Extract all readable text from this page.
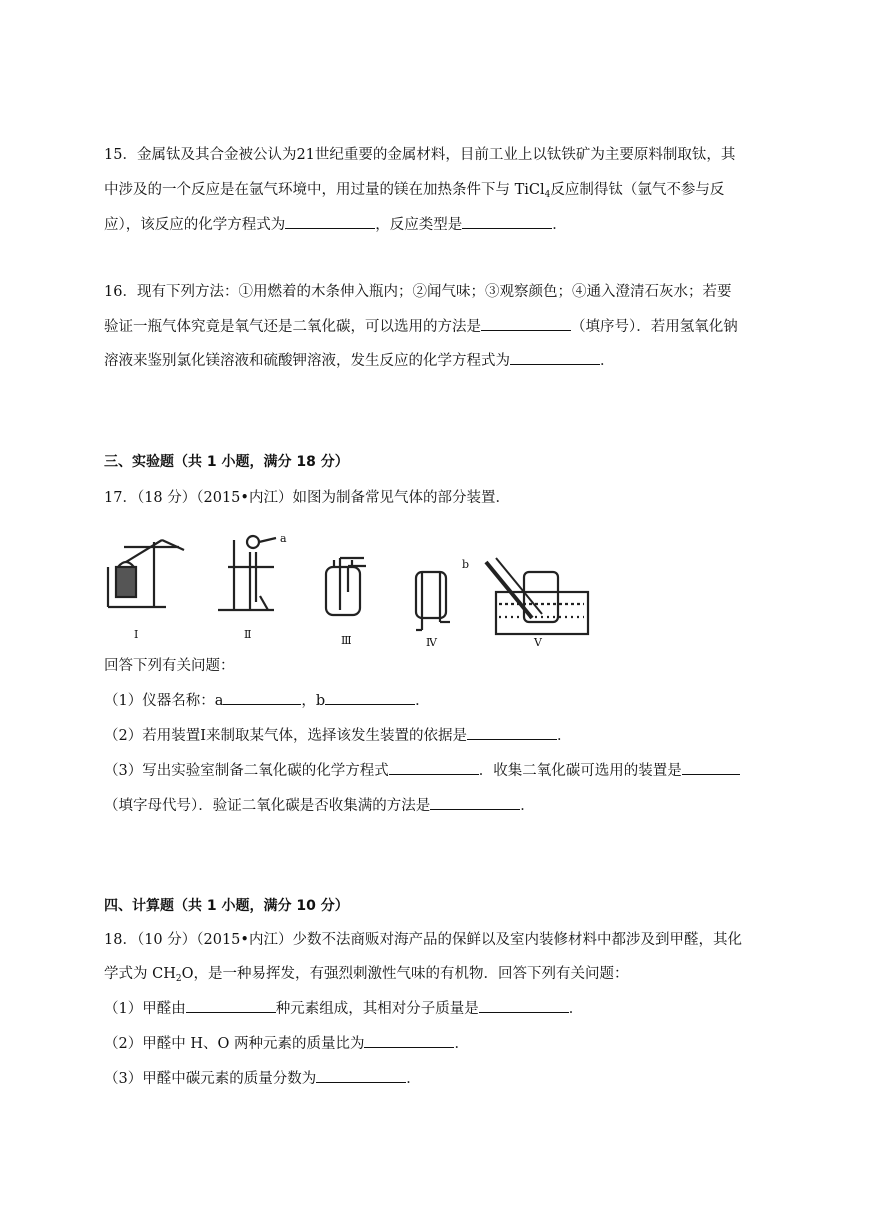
15．金属钛及其合金被公认为21世纪重要的金属材料，目前工业上以钛铁矿为主要原料制取钛，其
中涉及的一个反应是在氩气环境中，用过量的镁在加热条件下与 TiCl$_4$反应制得钛（氩气不参与反
应），该反应的化学方程式为	，反应类型是	．
16．现有下列方法：①用燃着的木条伸入瓶内；②闻气味；③观察颜色；④通入澄清石灰水；若要
验证一瓶气体究竟是氧气还是二氧化碳，可以选用的方法是	（填序号）．若用氢氧化钠
溶液来鉴别氯化镁溶液和硫酸钾溶液，发生反应的化学方程式为	．
三、实验题（共 1 小题，满分 18 分）
17．（18 分）（2015•内江）如图为制备常见气体的部分装置．
Ⅰ	Ⅱ	Ⅲ	Ⅳ	Ⅴ
a
b
回答下列有关问题：
（1）仪器名称：a	，b	．
（2）若用装置Ⅰ来制取某气体，选择该发生装置的依据是	．
（3）写出实验室制备二氧化碳的化学方程式	．收集二氧化碳可选用的装置是
（填字母代号）．验证二氧化碳是否收集满的方法是	．
四、计算题（共 1 小题，满分 10 分）
18．（10 分）（2015•内江）少数不法商贩对海产品的保鲜以及室内装修材料中都涉及到甲醛，其化
学式为 $CH_2O$，是一种易挥发，有强烈刺激性气味的有机物．回答下列有关问题：
（1）甲醛由	种元素组成，其相对分子质量是	．
（2）甲醛中 H、O 两种元素的质量比为	．
（3）甲醛中碳元素的质量分数为	．
